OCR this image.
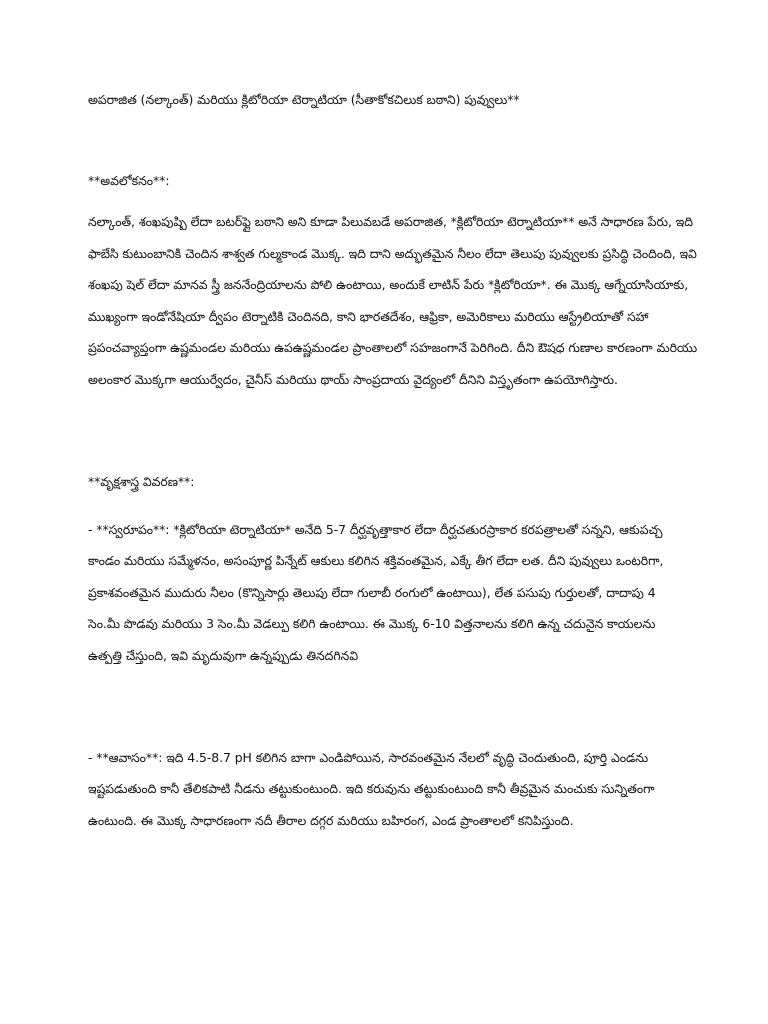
అపరాజిత (నల్కాంత్) మరియు క్లిటోరియా టెర్నాటియా (సీతాకోకచిలుక బఠాని) పువ్వులు**

**అవలోకనం**:

నల్కాంత్, శంఖపుష్పి లేదా బటర్‌ఫ్లై బఠాని అని కూడా పిలువబడే అపరాజిత, *క్లిటోరియా టెర్నాటియా** అనే సాధారణ పేరు, ఇది ఫాబేసి కుటుంబానికి చెందిన శాశ్వత గుల్మకాండ మొక్క. ఇది దాని అద్భుతమైన నీలం లేదా తెలుపు పువ్వులకు ప్రసిద్ధి చెందింది, ఇవి శంఖపు షెల్ లేదా మానవ స్త్రీ జననేంద్రియాలను పోలి ఉంటాయి, అందుకే లాటిన్ పేరు *క్లిటోరియా*. ఈ మొక్క ఆగ్నేయాసియాకు, ముఖ్యంగా ఇండోనేషియా ద్వీపం టెర్నాటికి చెందినది, కాని భారతదేశం, ఆఫ్రికా, అమెరికాలు మరియు ఆస్ట్రేలియాతో సహా ప్రపంచవ్యాప్తంగా ఉష్ణమండల మరియు ఉపఉష్ణమండల ప్రాంతాలలో సహజంగానే పెరిగింది. దీని ఔషధ గుణాల కారణంగా మరియు అలంకార మొక్కగా ఆయుర్వేదం, చైనీస్ మరియు థాయ్ సాంప్రదాయ వైద్యంలో దీనిని విస్తృతంగా ఉపయోగిస్తారు.

**వృక్షశాస్త్ర వివరణ**:

- **స్వరూపం**: *క్లిటోరియా టెర్నాటియా* అనేది 5-7 దీర్ఘవృత్తాకార లేదా దీర్ఘచతురస్రాకార కరపత్రాలతో సన్నని, ఆకుపచ్చ కాండం మరియు సమ్మేళనం, అసంపూర్ణ పిన్నేట్ ఆకులు కలిగిన శక్తివంతమైన, ఎక్కే తీగ లేదా లత. దీని పువ్వులు ఒంటరిగా, ప్రకాశవంతమైన ముదురు నీలం (కొన్నిసార్లు తెలుపు లేదా గులాబీ రంగులో ఉంటాయి), లేత పసుపు గుర్తులతో, దాదాపు 4 సెం.మీ పొడవు మరియు 3 సెం.మీ వెడల్పు కలిగి ఉంటాయి. ఈ మొక్క 6-10 విత్తనాలను కలిగి ఉన్న చదునైన కాయలను ఉత్పత్తి చేస్తుంది, ఇవి మృదువుగా ఉన్నప్పుడు తినదగినవి

- **ఆవాసం**: ఇది 4.5-8.7 pH కలిగిన బాగా ఎండిపోయిన, సారవంతమైన నేలలో వృద్ధి చెందుతుంది, పూర్తి ఎండను ఇష్టపడుతుంది కానీ తేలికపాటి నీడను తట్టుకుంటుంది. ఇది కరువును తట్టుకుంటుంది కానీ తీవ్రమైన మంచుకు సున్నితంగా ఉంటుంది. ఈ మొక్క సాధారణంగా నదీ తీరాల దగ్గర మరియు బహిరంగ, ఎండ ప్రాంతాలలో కనిపిస్తుంది.
